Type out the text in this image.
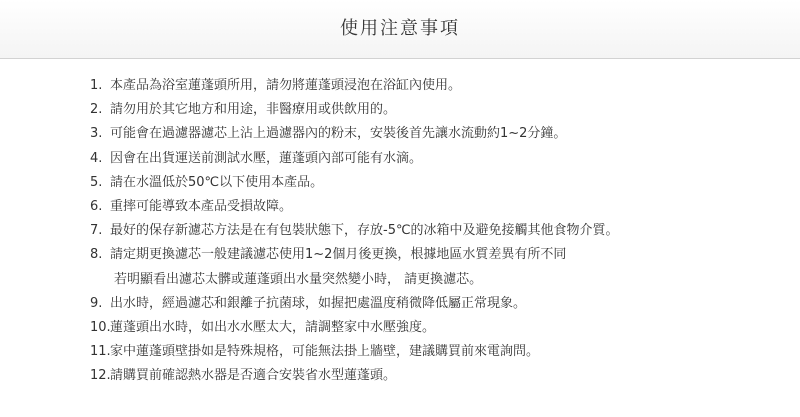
使用注意事項
1. 本產品為浴室蓮蓬頭所用，請勿將蓮蓬頭浸泡在浴缸內使用。
2. 請勿用於其它地方和用途，非醫療用或供飲用的。
3. 可能會在過濾器濾芯上沾上過濾器內的粉末，安裝後首先讓水流動約1~2分鐘。
4. 因會在出貨運送前測試水壓，蓮蓬頭內部可能有水滴。
5. 請在水溫低於50℃以下使用本產品。
6. 重摔可能導致本產品受損故障。
7. 最好的保存新濾芯方法是在有包裝狀態下，存放-5℃的冰箱中及避免接觸其他食物介質。
8. 請定期更換濾芯一般建議濾芯使用1~2個月後更換，根據地區水質差異有所不同
若明顯看出濾芯太髒或蓮蓬頭出水量突然變小時， 請更換濾芯。
9. 出水時，經過濾芯和銀離子抗菌球，如握把處溫度稍微降低屬正常現象。
10. 蓮蓬頭出水時，如出水水壓太大，請調整家中水壓強度。
11. 家中蓮蓬頭壁掛如是特殊規格，可能無法掛上牆壁，建議購買前來電詢問。
12. 請購買前確認熱水器是否適合安裝省水型蓮蓬頭。
